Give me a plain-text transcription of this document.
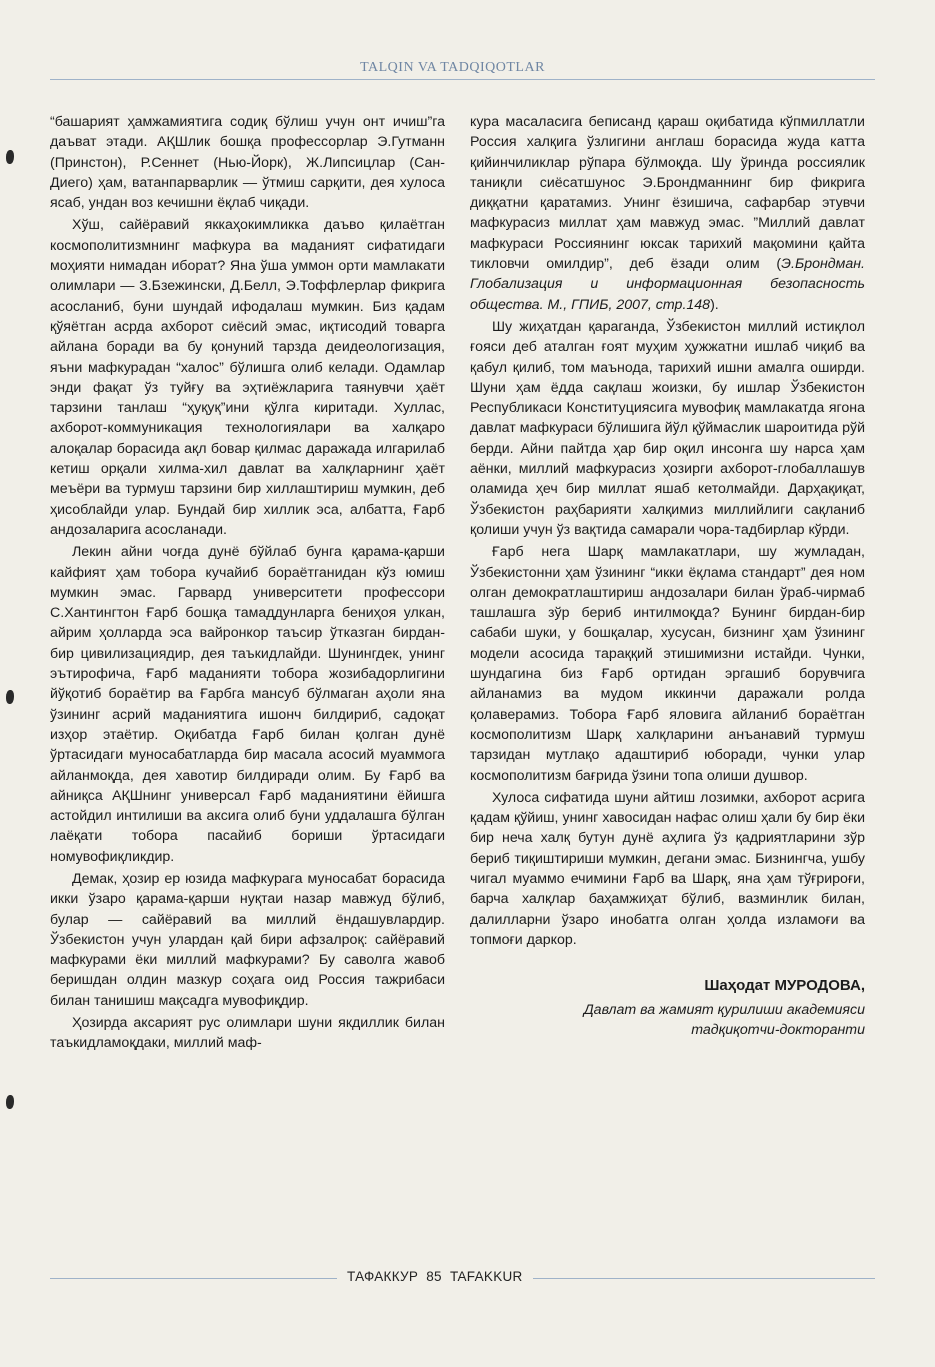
TALQIN VA TADQIQOTLAR

“башарият ҳамжамиятига содиқ бўлиш учун онт ичиш”га даъват этади. АҚШлик бошқа профессорлар Э.Гутманн (Принстон), Р.Сеннет (Нью-Йорк), Ж.Липсицлар (Сан-Диего) ҳам, ватанпарварлик — ўтмиш сарқити, дея хулоса ясаб, ундан воз кечишни ёқлаб чиқади.

Хўш, сайёравий яккаҳокимликка даъво қилаётган космополитизмнинг мафкура ва маданият сифатидаги моҳияти нимадан иборат? Яна ўша уммон орти мамлакати олимлари — З.Бзежински, Д.Белл, Э.Тоффлерлар фикрига асосланиб, буни шундай ифодалаш мумкин. Биз қадам қўяётган асрда ахборот сиёсий эмас, иқтисодий товарга айлана боради ва бу қонуний тарзда деидеологизация, яъни мафкурадан “халос” бўлишга олиб келади. Одамлар энди фақат ўз туйғу ва эҳтиёжларига таянувчи ҳаёт тарзини танлаш “ҳуқуқ”ини қўлга киритади. Хуллас, ахборот-коммуникация технологиялари ва халқаро алоқалар борасида ақл бовар қилмас даражада илгарилаб кетиш орқали хилма-хил давлат ва халқларнинг ҳаёт меъёри ва турмуш тарзини бир хиллаштириш мумкин, деб ҳисоблайди улар. Бундай бир хиллик эса, албатта, Ғарб андозаларига асосланади.

Лекин айни чоғда дунё бўйлаб бунга қарама-қарши кайфият ҳам тобора кучайиб бораётганидан кўз юмиш мумкин эмас. Гарвард университети профессори С.Хантингтон Ғарб бошқа тамаддунларга бениҳоя улкан, айрим ҳолларда эса вайронкор таъсир ўтказган бирдан-бир цивилизациядир, дея таъкидлайди. Шунингдек, унинг эътирофича, Ғарб маданияти тобора жозибадорлигини йўқотиб бораётир ва Ғарбга мансуб бўлмаган аҳоли яна ўзининг асрий маданиятига ишонч билдириб, садоқат изҳор этаётир. Оқибатда Ғарб билан қолган дунё ўртасидаги муносабатларда бир масала асосий муаммога айланмоқда, дея хавотир билдиради олим. Бу Ғарб ва айниқса АҚШнинг универсал Ғарб маданиятини ёйишга астойдил интилиши ва аксига олиб буни уддалашга бўлган лаёқати тобора пасайиб бориши ўртасидаги номувофиқликдир.

Демак, ҳозир ер юзида мафкурага муносабат борасида икки ўзаро қарама-қарши нуқтаи назар мавжуд бўлиб, булар — сайёравий ва миллий ёндашувлардир. Ўзбекистон учун улардан қай бири афзалроқ: сайёравий мафкурами ёки миллий мафкурами? Бу саволга жавоб беришдан олдин мазкур соҳага оид Россия тажрибаси билан танишиш мақсадга мувофиқдир.

Ҳозирда аксарият рус олимлари шуни якдиллик билан таъкидламоқдаки, миллий маф-

кура масаласига беписанд қараш оқибатида кўпмиллатли Россия халқига ўзлигини англаш борасида жуда катта қийинчиликлар рўпара бўлмоқда. Шу ўринда россиялик таниқли сиёсатшунос Э.Брондманнинг бир фикрига диққатни қаратамиз. Унинг ёзишича, сафарбар этувчи мафкурасиз миллат ҳам мавжуд эмас. ”Миллий давлат мафкураси Россиянинг юксак тарихий мақомини қайта тикловчи омилдир”, деб ёзади олим (Э.Брондман. Глобализация и информационная безопасность общества. М., ГПИБ, 2007, стр.148).

Шу жиҳатдан қараганда, Ўзбекистон миллий истиқлол ғояси деб аталган ғоят муҳим ҳужжатни ишлаб чиқиб ва қабул қилиб, том маънода, тарихий ишни амалга оширди. Шуни ҳам ёдда сақлаш жоизки, бу ишлар Ўзбекистон Республикаси Конституциясига мувофиқ мамлакатда ягона давлат мафкураси бўлишига йўл қўймаслик шароитида рўй берди. Айни пайтда ҳар бир оқил инсонга шу нарса ҳам аёнки, миллий мафкурасиз ҳозирги ахборот-глобаллашув оламида ҳеч бир миллат яшаб кетолмайди. Дарҳақиқат, Ўзбекистон раҳбарияти халқимиз миллийлиги сақланиб қолиши учун ўз вақтида самарали чора-тадбирлар кўрди.

Ғарб нега Шарқ мамлакатлари, шу жумладан, Ўзбекистонни ҳам ўзининг “икки ёқлама стандарт” дея ном олган демократлаштириш андозалари билан ўраб-чирмаб ташлашга зўр бериб интилмоқда? Бунинг бирдан-бир сабаби шуки, у бошқалар, хусусан, бизнинг ҳам ўзининг модели асосида тараққий этишимизни истайди. Чунки, шундагина биз Ғарб ортидан эргашиб борувчига айланамиз ва мудом иккинчи даражали ролда қолаверамиз. Тобора Ғарб яловига айланиб бораётган космополитизм Шарқ халқларини анъанавий турмуш тарзидан мутлақо адаштириб юборади, чунки улар космополитизм бағрида ўзини топа олиши душвор.

Хулоса сифатида шуни айтиш лозимки, ахборот асрига қадам қўйиш, унинг хавосидан нафас олиш ҳали бу бир ёки бир неча халқ бутун дунё аҳлига ўз қадриятларини зўр бериб тиқиштириши мумкин, дегани эмас. Бизнингча, ушбу чигал муаммо ечимини Ғарб ва Шарқ, яна ҳам тўғрироғи, барча халқлар баҳамжиҳат бўлиб, вазминлик билан, далилларни ўзаро инобатга олган ҳолда изламоғи ва топмоғи даркор.

Шаҳодат МУРОДОВА,
Давлат ва жамият қурилиши академияси
тадқиқотчи-докторанти
ТАФАККУР 85 TAFAKKUR
